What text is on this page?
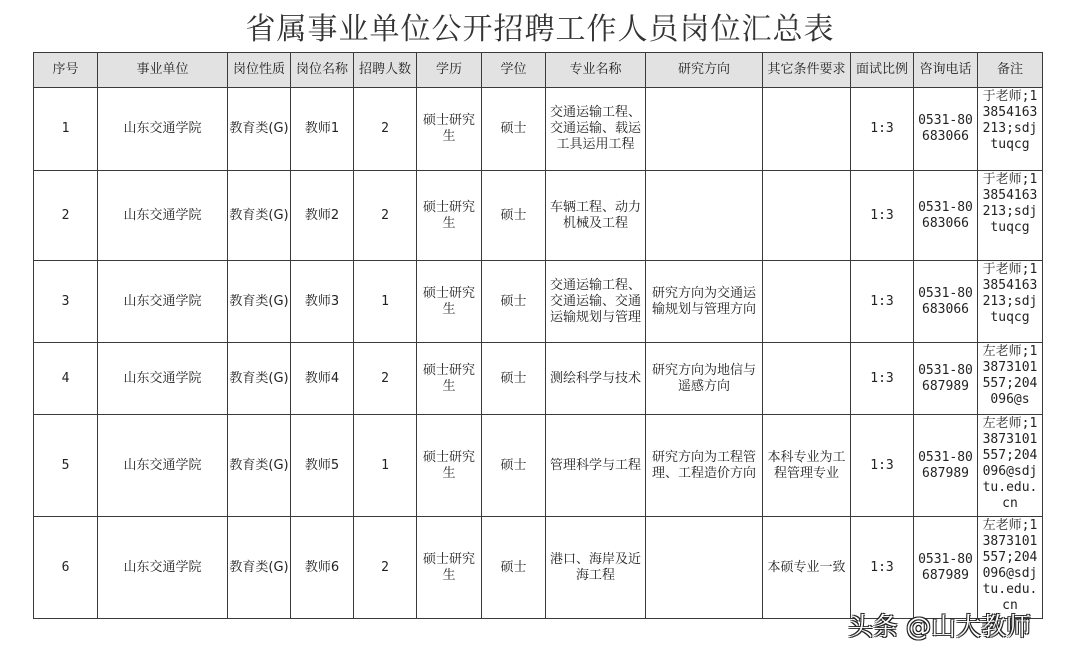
省属事业单位公开招聘工作人员岗位汇总表
序号	事业单位	岗位性质	岗位名称	招聘人数	学历	学位	专业名称	研究方向	其它条件要求	面试比例	咨询电话	备注
1	山东交通学院	教育类(G)	教师1	2	硕士研究生	硕士	交通运输工程、交通运输、载运工具运用工程			1:3	0531-80683066	于老师;13854163213;sdjtuqcg

2	山东交通学院	教育类(G)	教师2	2	硕士研究生	硕士	车辆工程、动力机械及工程			1:3	0531-80683066	于老师;13854163213;sdjtuqcg

3	山东交通学院	教育类(G)	教师3	1	硕士研究生	硕士	交通运输工程、交通运输、交通运输规划与管理	研究方向为交通运输规划与管理方向		1:3	0531-80683066	于老师;13854163213;sdjtuqcg

4	山东交通学院	教育类(G)	教师4	2	硕士研究生	硕士	测绘科学与技术	研究方向为地信与遥感方向		1:3	0531-80687989	左老师;13873101557;204096@s

5	山东交通学院	教育类(G)	教师5	1	硕士研究生	硕士	管理科学与工程	研究方向为工程管理、工程造价方向	本科专业为工程管理专业	1:3	0531-80687989	左老师;13873101557;204096@sdjtu.edu.cn

6	山东交通学院	教育类(G)	教师6	2	硕士研究生	硕士	港口、海岸及近海工程		本硕专业一致	1:3	0531-80687989	左老师;13873101557;204096@sdjtu.edu.cn
头条 @山大教师
